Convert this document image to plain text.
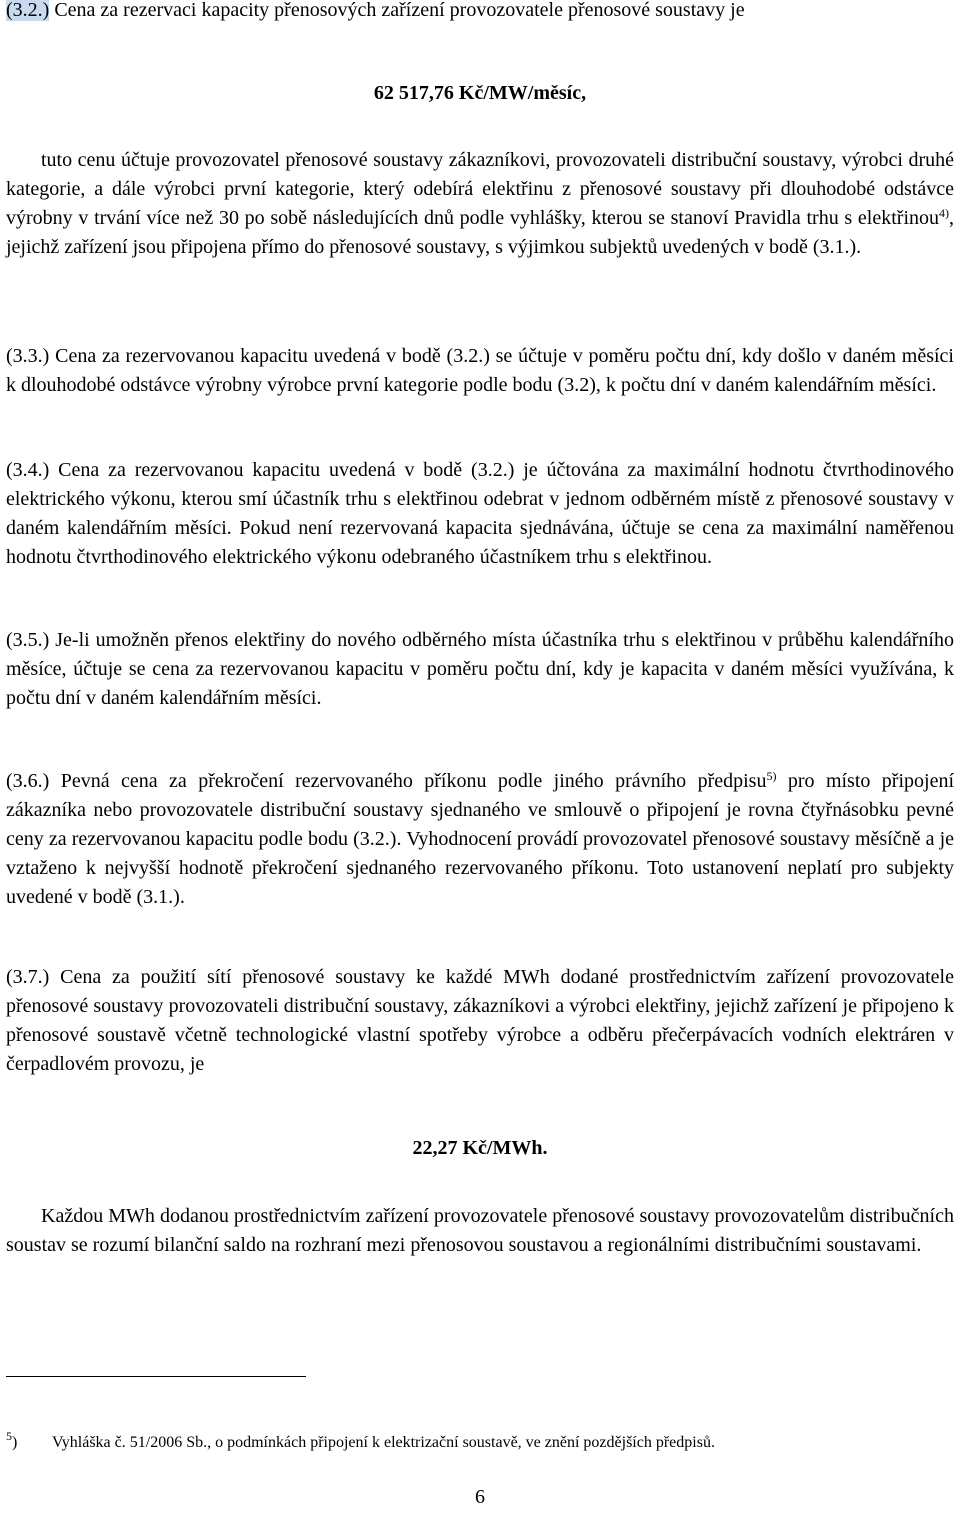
(3.2.) Cena za rezervaci kapacity přenosových zařízení provozovatele přenosové soustavy je

62 517,76 Kč/MW/měsíc,

tuto cenu účtuje provozovatel přenosové soustavy zákazníkovi, provozovateli distribuční soustavy, výrobci druhé kategorie, a dále výrobci první kategorie, který odebírá elektřinu z přenosové soustavy při dlouhodobé odstávce výrobny v trvání více než 30 po sobě následujících dnů podle vyhlášky, kterou se stanoví Pravidla trhu s elektřinou$^{4)}$, jejichž zařízení jsou připojena přímo do přenosové soustavy, s výjimkou subjektů uvedených v bodě (3.1.).

(3.3.) Cena za rezervovanou kapacitu uvedená v bodě (3.2.) se účtuje v poměru počtu dní, kdy došlo v daném měsíci k dlouhodobé odstávce výrobny výrobce první kategorie podle bodu (3.2), k počtu dní v daném kalendářním měsíci.

(3.4.) Cena za rezervovanou kapacitu uvedená v bodě (3.2.) je účtována za maximální hodnotu čtvrthodinového elektrického výkonu, kterou smí účastník trhu s elektřinou odebrat v jednom odběrném místě z přenosové soustavy v daném kalendářním měsíci. Pokud není rezervovaná kapacita sjednávána, účtuje se cena za maximální naměřenou hodnotu čtvrthodinového elektrického výkonu odebraného účastníkem trhu s elektřinou.

(3.5.) Je-li umožněn přenos elektřiny do nového odběrného místa účastníka trhu s elektřinou v průběhu kalendářního měsíce, účtuje se cena za rezervovanou kapacitu v poměru počtu dní, kdy je kapacita v daném měsíci využívána, k počtu dní v daném kalendářním měsíci.

(3.6.) Pevná cena za překročení rezervovaného příkonu podle jiného právního předpisu$^{5)}$ pro místo připojení zákazníka nebo provozovatele distribuční soustavy sjednaného ve smlouvě o připojení je rovna čtyřnásobku pevné ceny za rezervovanou kapacitu podle bodu (3.2.). Vyhodnocení provádí provozovatel přenosové soustavy měsíčně a je vztaženo k nejvyšší hodnotě překročení sjednaného rezervovaného příkonu. Toto ustanovení neplatí pro subjekty uvedené v bodě (3.1.).

(3.7.) Cena za použití sítí přenosové soustavy ke každé MWh dodané prostřednictvím zařízení provozovatele přenosové soustavy provozovateli distribuční soustavy, zákazníkovi a výrobci elektřiny, jejichž zařízení je připojeno k přenosové soustavě včetně technologické vlastní spotřeby výrobce a odběru přečerpávacích vodních elektráren v čerpadlovém provozu, je

22,27 Kč/MWh.

Každou MWh dodanou prostřednictvím zařízení provozovatele přenosové soustavy provozovatelům distribučních soustav se rozumí bilanční saldo na rozhraní mezi přenosovou soustavou a regionálními distribučními soustavami.

$^5$) Vyhláška č. 51/2006 Sb., o podmínkách připojení k elektrizační soustavě, ve znění pozdějších předpisů.
6
